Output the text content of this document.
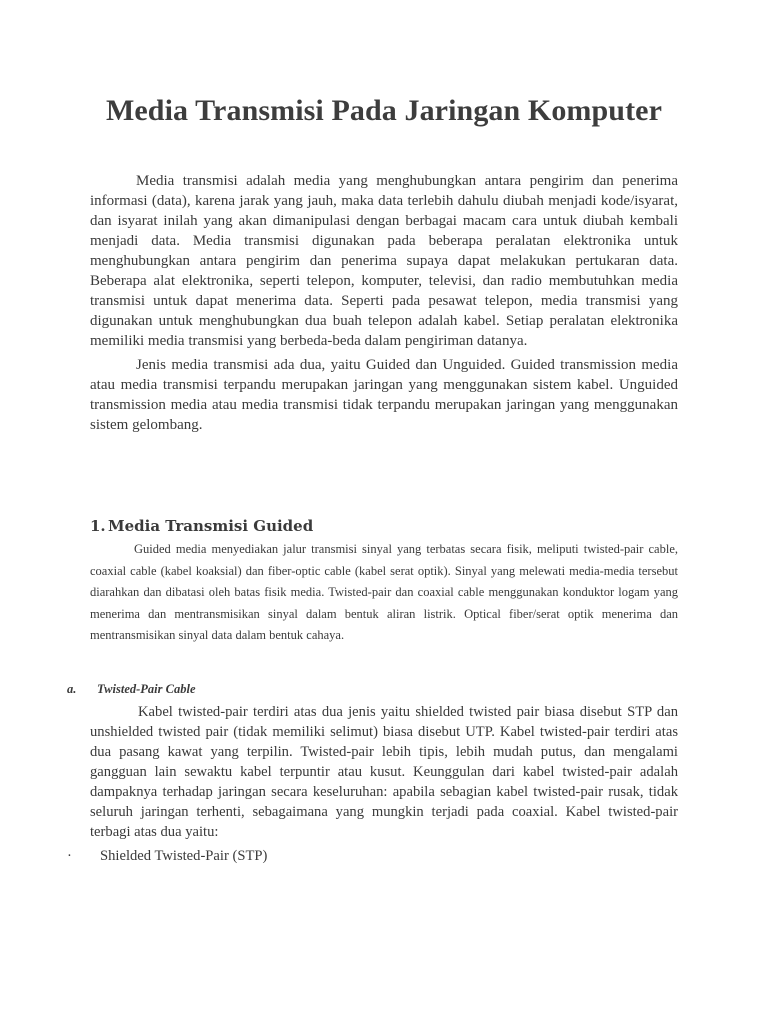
Media Transmisi Pada Jaringan Komputer

Media transmisi adalah media yang menghubungkan antara pengirim dan penerima informasi (data), karena jarak yang jauh, maka data terlebih dahulu diubah menjadi kode/isyarat, dan isyarat inilah yang akan dimanipulasi dengan berbagai macam cara untuk diubah kembali menjadi data. Media transmisi digunakan pada beberapa peralatan elektronika untuk menghubungkan antara pengirim dan penerima supaya dapat melakukan pertukaran data. Beberapa alat elektronika, seperti telepon, komputer, televisi, dan radio membutuhkan media transmisi untuk dapat menerima data. Seperti pada pesawat telepon, media transmisi yang digunakan untuk menghubungkan dua buah telepon adalah kabel. Setiap peralatan elektronika memiliki media transmisi yang berbeda-beda dalam pengiriman datanya.

Jenis media transmisi ada dua, yaitu Guided dan Unguided. Guided transmission media atau media transmisi terpandu merupakan jaringan yang menggunakan sistem kabel. Unguided transmission media atau media transmisi tidak terpandu merupakan jaringan yang menggunakan sistem gelombang.

1. Media Transmisi Guided

Guided media menyediakan jalur transmisi sinyal yang terbatas secara fisik, meliputi twisted-pair cable, coaxial cable (kabel koaksial) dan fiber-optic cable (kabel serat optik). Sinyal yang melewati media-media tersebut diarahkan dan dibatasi oleh batas fisik media. Twisted-pair dan coaxial cable menggunakan konduktor logam yang menerima dan mentransmisikan sinyal dalam bentuk aliran listrik. Optical fiber/serat optik menerima dan mentransmisikan sinyal data dalam bentuk cahaya.

a. Twisted-Pair Cable

Kabel twisted-pair terdiri atas dua jenis yaitu shielded twisted pair biasa disebut STP dan unshielded twisted pair (tidak memiliki selimut) biasa disebut UTP. Kabel twisted-pair terdiri atas dua pasang kawat yang terpilin. Twisted-pair lebih tipis, lebih mudah putus, dan mengalami gangguan lain sewaktu kabel terpuntir atau kusut. Keunggulan dari kabel twisted-pair adalah dampaknya terhadap jaringan secara keseluruhan: apabila sebagian kabel twisted-pair rusak, tidak seluruh jaringan terhenti, sebagaimana yang mungkin terjadi pada coaxial. Kabel twisted-pair terbagi atas dua yaitu:

· Shielded Twisted-Pair (STP)
